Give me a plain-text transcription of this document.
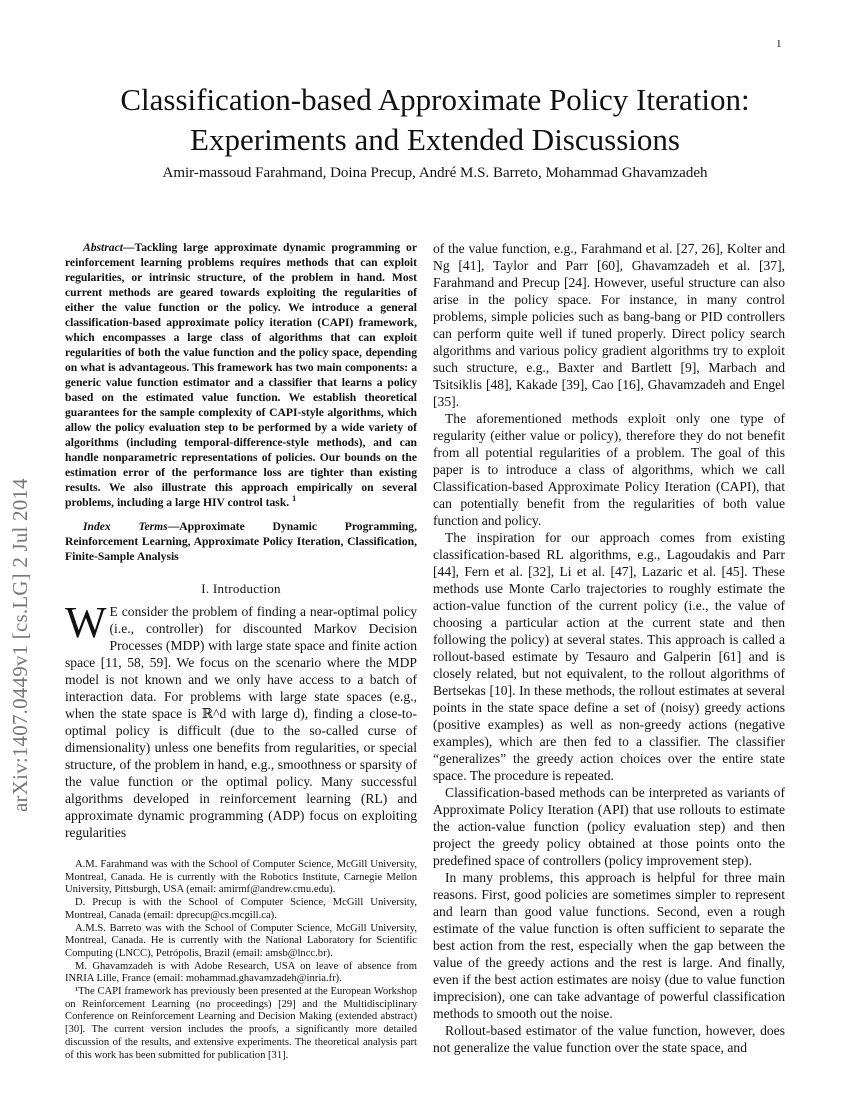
1
arXiv:1407.0449v1 [cs.LG] 2 Jul 2014
Classification-based Approximate Policy Iteration:
Experiments and Extended Discussions
Amir-massoud Farahmand, Doina Precup, André M.S. Barreto, Mohammad Ghavamzadeh

Abstract—Tackling large approximate dynamic programming or reinforcement learning problems requires methods that can exploit regularities, or intrinsic structure, of the problem in hand. Most current methods are geared towards exploiting the regularities of either the value function or the policy. We introduce a general classification-based approximate policy iteration (CAPI) framework, which encompasses a large class of algorithms that can exploit regularities of both the value function and the policy space, depending on what is advantageous. This framework has two main components: a generic value function estimator and a classifier that learns a policy based on the estimated value function. We establish theoretical guarantees for the sample complexity of CAPI-style algorithms, which allow the policy evaluation step to be performed by a wide variety of algorithms (including temporal-difference-style methods), and can handle nonparametric representations of policies. Our bounds on the estimation error of the performance loss are tighter than existing results. We also illustrate this approach empirically on several problems, including a large HIV control task. $^1$

Index Terms—Approximate Dynamic Programming, Reinforcement Learning, Approximate Policy Iteration, Classification, Finite-Sample Analysis

I. Introduction

W E consider the problem of finding a near-optimal policy (i.e., controller) for discounted Markov Decision Processes (MDP) with large state space and finite action space [11, 58, 59]. We focus on the scenario where the MDP model is not known and we only have access to a batch of interaction data. For problems with large state spaces (e.g., when the state space is ℝ^d with large d), finding a close-to-optimal policy is difficult (due to the so-called curse of dimensionality) unless one benefits from regularities, or special structure, of the problem in hand, e.g., smoothness or sparsity of the value function or the optimal policy. Many successful algorithms developed in reinforcement learning (RL) and approximate dynamic programming (ADP) focus on exploiting regularities

A.M. Farahmand was with the School of Computer Science, McGill University, Montreal, Canada. He is currently with the Robotics Institute, Carnegie Mellon University, Pittsburgh, USA (email: amirmf@andrew.cmu.edu).

D. Precup is with the School of Computer Science, McGill University, Montreal, Canada (email: dprecup@cs.mcgill.ca).

A.M.S. Barreto was with the School of Computer Science, McGill University, Montreal, Canada. He is currently with the National Laboratory for Scientific Computing (LNCC), Petrópolis, Brazil (email: amsb@lncc.br).

M. Ghavamzadeh is with Adobe Research, USA on leave of absence from INRIA Lille, France (email: mohammad.ghavamzadeh@inria.fr).

¹The CAPI framework has previously been presented at the European Workshop on Reinforcement Learning (no proceedings) [29] and the Multidisciplinary Conference on Reinforcement Learning and Decision Making (extended abstract) [30]. The current version includes the proofs, a significantly more detailed discussion of the results, and extensive experiments. The theoretical analysis part of this work has been submitted for publication [31].

of the value function, e.g., Farahmand et al. [27, 26], Kolter and Ng [41], Taylor and Parr [60], Ghavamzadeh et al. [37], Farahmand and Precup [24]. However, useful structure can also arise in the policy space. For instance, in many control problems, simple policies such as bang-bang or PID controllers can perform quite well if tuned properly. Direct policy search algorithms and various policy gradient algorithms try to exploit such structure, e.g., Baxter and Bartlett [9], Marbach and Tsitsiklis [48], Kakade [39], Cao [16], Ghavamzadeh and Engel [35].

The aforementioned methods exploit only one type of regularity (either value or policy), therefore they do not benefit from all potential regularities of a problem. The goal of this paper is to introduce a class of algorithms, which we call Classification-based Approximate Policy Iteration (CAPI), that can potentially benefit from the regularities of both value function and policy.

The inspiration for our approach comes from existing classification-based RL algorithms, e.g., Lagoudakis and Parr [44], Fern et al. [32], Li et al. [47], Lazaric et al. [45]. These methods use Monte Carlo trajectories to roughly estimate the action-value function of the current policy (i.e., the value of choosing a particular action at the current state and then following the policy) at several states. This approach is called a rollout-based estimate by Tesauro and Galperin [61] and is closely related, but not equivalent, to the rollout algorithms of Bertsekas [10]. In these methods, the rollout estimates at several points in the state space define a set of (noisy) greedy actions (positive examples) as well as non-greedy actions (negative examples), which are then fed to a classifier. The classifier “generalizes” the greedy action choices over the entire state space. The procedure is repeated.

Classification-based methods can be interpreted as variants of Approximate Policy Iteration (API) that use rollouts to estimate the action-value function (policy evaluation step) and then project the greedy policy obtained at those points onto the predefined space of controllers (policy improvement step).

In many problems, this approach is helpful for three main reasons. First, good policies are sometimes simpler to represent and learn than good value functions. Second, even a rough estimate of the value function is often sufficient to separate the best action from the rest, especially when the gap between the value of the greedy actions and the rest is large. And finally, even if the best action estimates are noisy (due to value function imprecision), one can take advantage of powerful classification methods to smooth out the noise.

Rollout-based estimator of the value function, however, does not generalize the value function over the state space, and
